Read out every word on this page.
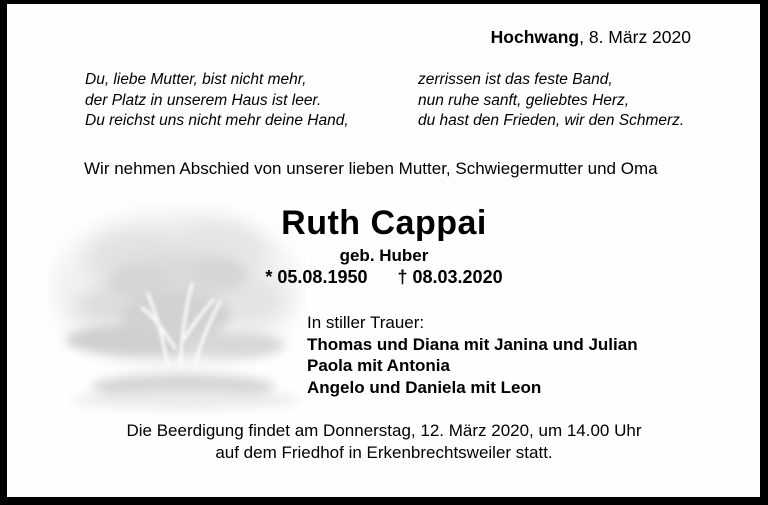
Hochwang, 8. März 2020
Du, liebe Mutter, bist nicht mehr,
der Platz in unserem Haus ist leer.
Du reichst uns nicht mehr deine Hand,
zerrissen ist das feste Band,
nun ruhe sanft, geliebtes Herz,
du hast den Frieden, wir den Schmerz.
Wir nehmen Abschied von unserer lieben Mutter, Schwiegermutter und Oma
Ruth Cappai
geb. Huber
* 05.08.1950 † 08.03.2020
In stiller Trauer:
Thomas und Diana mit Janina und Julian
Paola mit Antonia
Angelo und Daniela mit Leon
Die Beerdigung findet am Donnerstag, 12. März 2020, um 14.00 Uhr
auf dem Friedhof in Erkenbrechtsweiler statt.
